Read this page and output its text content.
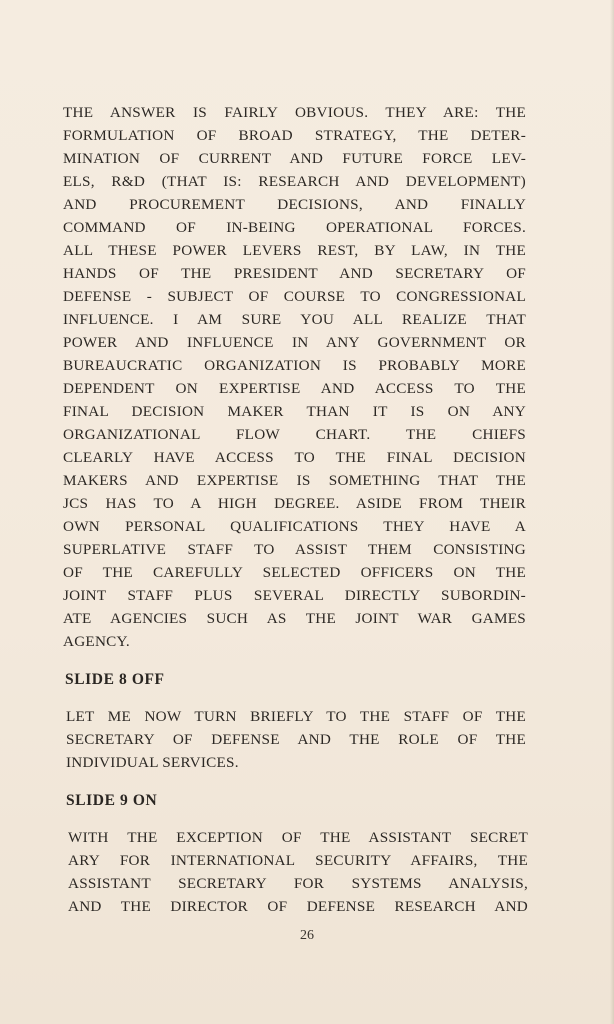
THE ANSWER IS FAIRLY OBVIOUS. THEY ARE: THE
FORMULATION OF BROAD STRATEGY, THE DETER-
MINATION OF CURRENT AND FUTURE FORCE LEV-
ELS, R&D (THAT IS: RESEARCH AND DEVELOPMENT)
AND PROCUREMENT DECISIONS, AND FINALLY
COMMAND OF IN-BEING OPERATIONAL FORCES.
ALL THESE POWER LEVERS REST, BY LAW, IN THE
HANDS OF THE PRESIDENT AND SECRETARY OF
DEFENSE - SUBJECT OF COURSE TO CONGRESSIONAL
INFLUENCE. I AM SURE YOU ALL REALIZE THAT
POWER AND INFLUENCE IN ANY GOVERNMENT OR
BUREAUCRATIC ORGANIZATION IS PROBABLY MORE
DEPENDENT ON EXPERTISE AND ACCESS TO THE
FINAL DECISION MAKER THAN IT IS ON ANY
ORGANIZATIONAL FLOW CHART. THE CHIEFS
CLEARLY HAVE ACCESS TO THE FINAL DECISION
MAKERS AND EXPERTISE IS SOMETHING THAT THE
JCS HAS TO A HIGH DEGREE. ASIDE FROM THEIR
OWN PERSONAL QUALIFICATIONS THEY HAVE A
SUPERLATIVE STAFF TO ASSIST THEM CONSISTING
OF THE CAREFULLY SELECTED OFFICERS ON THE
JOINT STAFF PLUS SEVERAL DIRECTLY SUBORDIN-
ATE AGENCIES SUCH AS THE JOINT WAR GAMES
AGENCY.
SLIDE 8 OFF
LET ME NOW TURN BRIEFLY TO THE STAFF OF THE
SECRETARY OF DEFENSE AND THE ROLE OF THE
INDIVIDUAL SERVICES.
SLIDE 9 ON
WITH THE EXCEPTION OF THE ASSISTANT SECRET
ARY FOR INTERNATIONAL SECURITY AFFAIRS, THE
ASSISTANT SECRETARY FOR SYSTEMS ANALYSIS,
AND THE DIRECTOR OF DEFENSE RESEARCH AND
26
